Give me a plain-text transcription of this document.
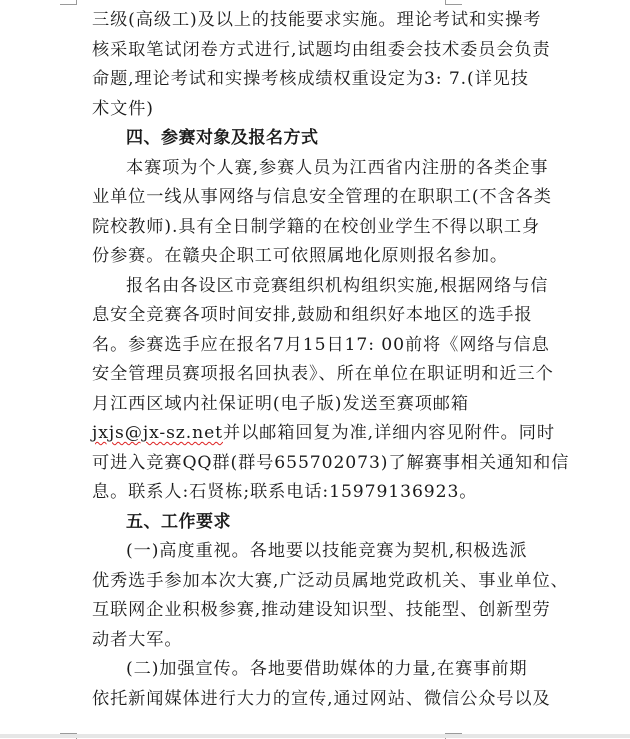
三级(高级工)及以上的技能要求实施。理论考试和实操考
核采取笔试闭卷方式进行,试题均由组委会技术委员会负责
命题,理论考试和实操考核成绩权重设定为3: 7.(详见技
术文件)
四、参赛对象及报名方式
本赛项为个人赛,参赛人员为江西省内注册的各类企事
业单位一线从事网络与信息安全管理的在职职工(不含各类
院校教师).具有全日制学籍的在校创业学生不得以职工身
份参赛。在赣央企职工可依照属地化原则报名参加。
报名由各设区市竞赛组织机构组织实施,根据网络与信
息安全竞赛各项时间安排,鼓励和组织好本地区的选手报
名。参赛选手应在报名7月15日17: 00前将《网络与信息
安全管理员赛项报名回执表》、所在单位在职证明和近三个
月江西区域内社保证明(电子版)发送至赛项邮箱
jxjs@jx-sz.net并以邮箱回复为准,详细内容见附件。同时
可进入竞赛QQ群(群号655702073)了解赛事相关通知和信
息。联系人:石贤栋;联系电话:15979136923。
五、工作要求
(一)高度重视。各地要以技能竞赛为契机,积极选派
优秀选手参加本次大赛,广泛动员属地党政机关、事业单位、
互联网企业积极参赛,推动建设知识型、技能型、创新型劳
动者大军。
(二)加强宣传。各地要借助媒体的力量,在赛事前期
依托新闻媒体进行大力的宣传,通过网站、微信公众号以及
